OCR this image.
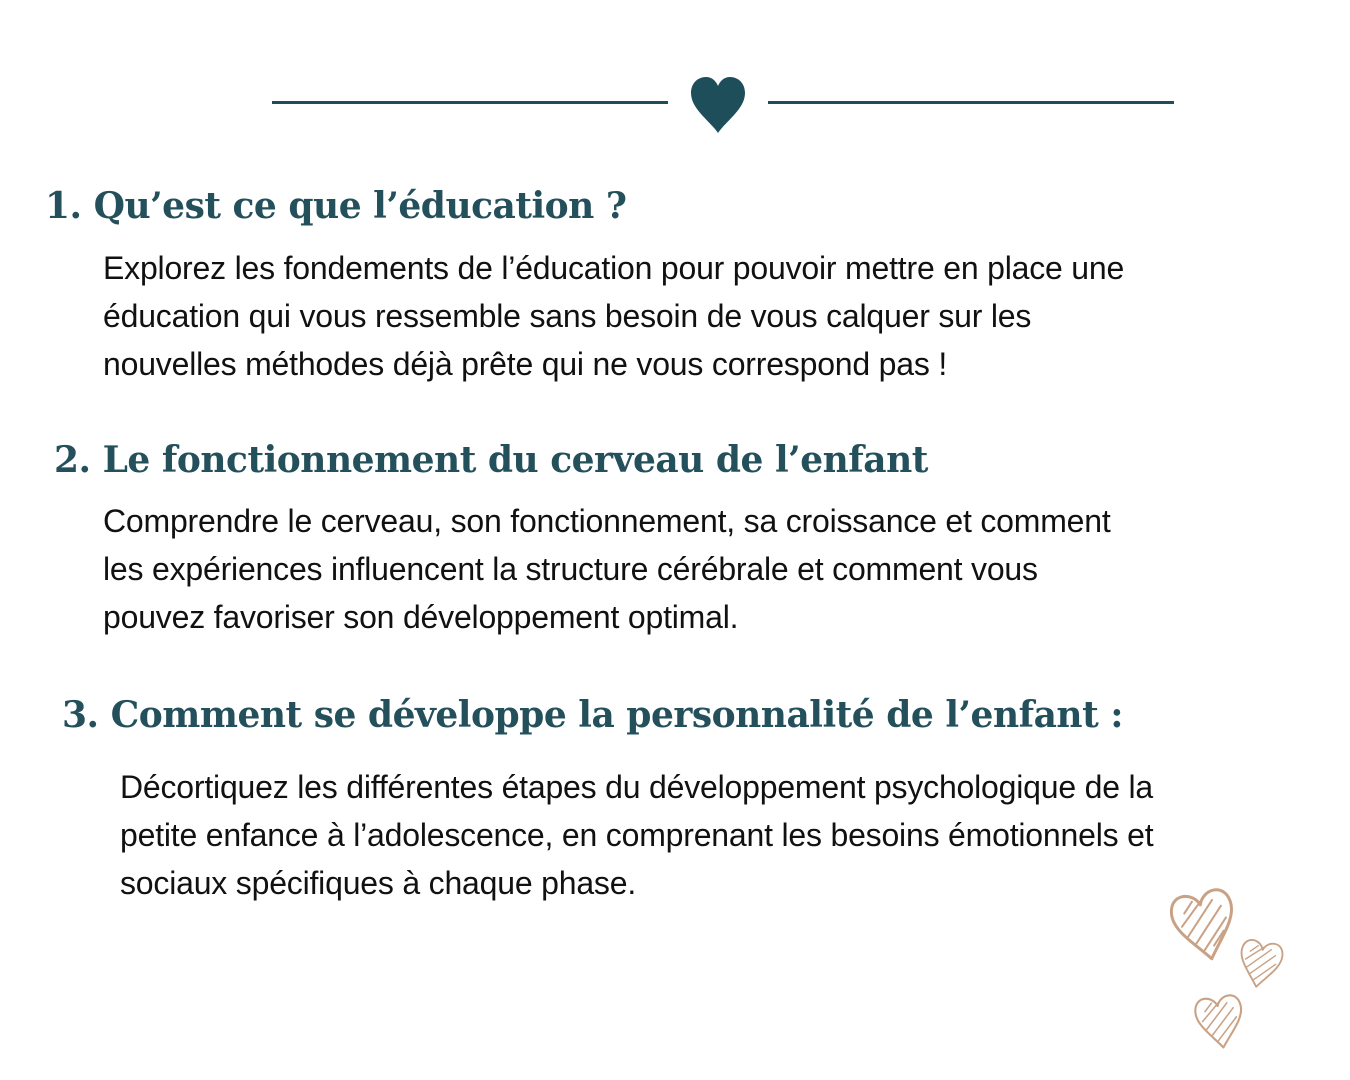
1. Qu’est ce que l’éducation ?
Explorez les fondements de l’éducation pour pouvoir mettre en place une
éducation qui vous ressemble sans besoin de vous calquer sur les
nouvelles méthodes déjà prête qui ne vous correspond pas !
2. Le fonctionnement du cerveau de l’enfant
Comprendre le cerveau, son fonctionnement, sa croissance et comment
les expériences influencent la structure cérébrale et comment vous
pouvez favoriser son développement optimal.
3. Comment se développe la personnalité de l’enfant :
Décortiquez les différentes étapes du développement psychologique de la
petite enfance à l’adolescence, en comprenant les besoins émotionnels et
sociaux spécifiques à chaque phase.
